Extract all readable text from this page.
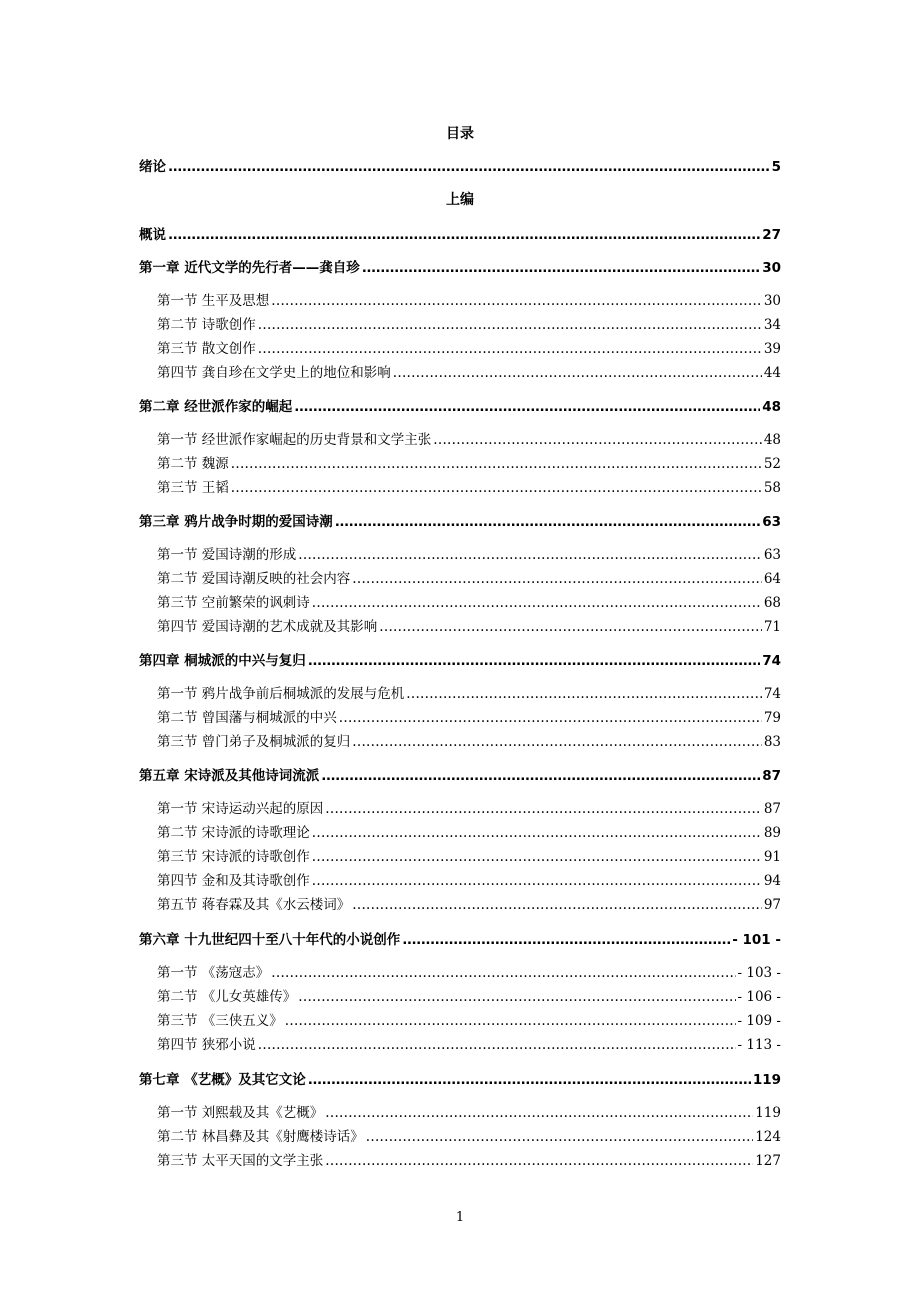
目录
绪论 . . .	5
上编
概说 . . .	27
第一章 近代文学的先行者——龚自珍 . . .	30
第一节 生平及思想 . . .	30
第二节 诗歌创作 . . .	34
第三节 散文创作 . . .	39
第四节 龚自珍在文学史上的地位和影响 . . .	44
第二章 经世派作家的崛起 . . .	48
第一节 经世派作家崛起的历史背景和文学主张 . . .	48
第二节 魏源 . . .	52
第三节 王韬 . . .	58
第三章 鸦片战争时期的爱国诗潮 . . .	63
第一节 爱国诗潮的形成 . . .	63
第二节 爱国诗潮反映的社会内容 . . .	64
第三节 空前繁荣的讽刺诗 . . .	68
第四节 爱国诗潮的艺术成就及其影响 . . .	71
第四章 桐城派的中兴与复归 . . .	74
第一节 鸦片战争前后桐城派的发展与危机 . . .	74
第二节 曾国藩与桐城派的中兴 . . .	79
第三节 曾门弟子及桐城派的复归 . . .	83
第五章 宋诗派及其他诗词流派 . . .	87
第一节 宋诗运动兴起的原因 . . .	87
第二节 宋诗派的诗歌理论 . . .	89
第三节 宋诗派的诗歌创作 . . .	91
第四节 金和及其诗歌创作 . . .	94
第五节 蒋春霖及其《水云楼词》 . . .	97
第六章 十九世纪四十至八十年代的小说创作 . . .	- 101 -
第一节 《荡寇志》 . . .	- 103 -
第二节 《儿女英雄传》 . . .	- 106 -
第三节 《三侠五义》 . . .	- 109 -
第四节 狭邪小说 . . .	- 113 -
第七章 《艺概》及其它文论 . . .	119
第一节 刘熙载及其《艺概》 . . .	119
第二节 林昌彝及其《射鹰楼诗话》 . . .	124
第三节 太平天国的文学主张 . . .	127
1
